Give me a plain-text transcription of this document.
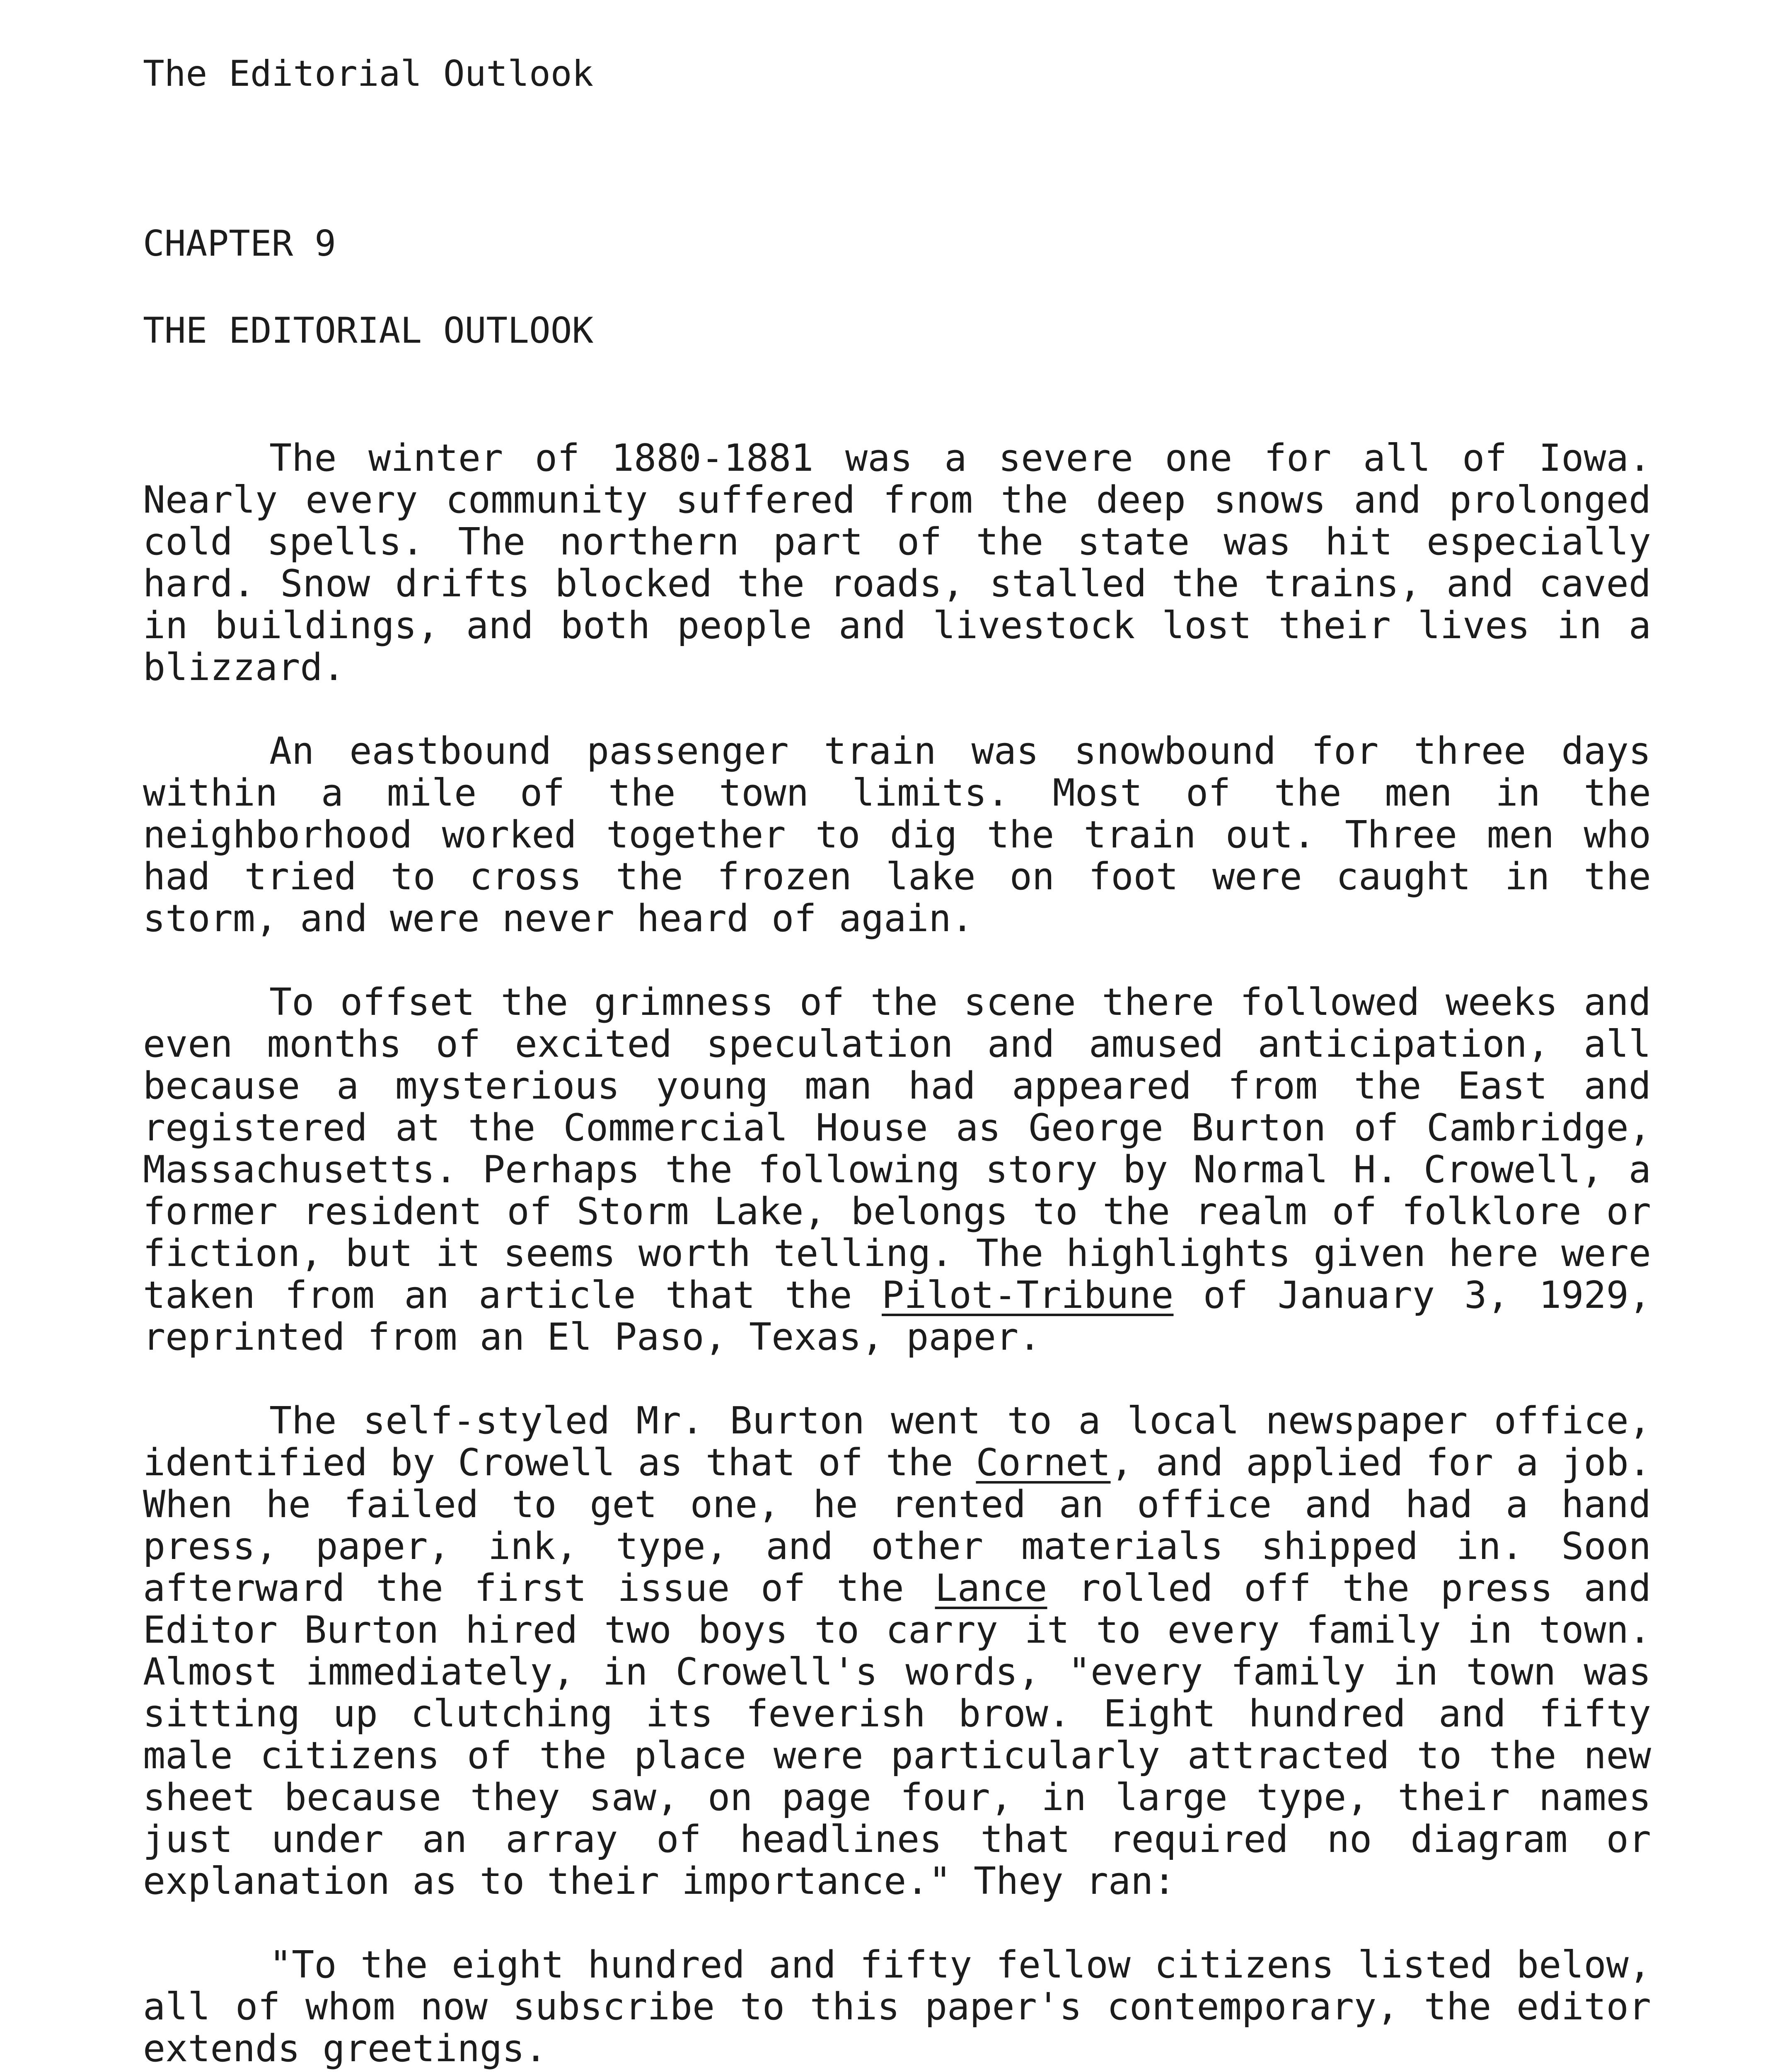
The Editorial Outlook
CHAPTER 9
THE EDITORIAL OUTLOOK

The winter of 1880-1881 was a severe one for all of Iowa. Nearly every community suffered from the deep snows and prolonged cold spells. The northern part of the state was hit especially hard. Snow drifts blocked the roads, stalled the trains, and caved in buildings, and both people and livestock lost their lives in a blizzard.

An eastbound passenger train was snowbound for three days within a mile of the town limits. Most of the men in the neighborhood worked together to dig the train out. Three men who had tried to cross the frozen lake on foot were caught in the storm, and were never heard of again.

To offset the grimness of the scene there followed weeks and even months of excited speculation and amused anticipation, all because a mysterious young man had appeared from the East and registered at the Commercial House as George Burton of Cambridge, Massachusetts. Perhaps the following story by Normal H. Crowell, a former resident of Storm Lake, belongs to the realm of folklore or fiction, but it seems worth telling. The highlights given here were taken from an article that the Pilot-Tribune of January 3, 1929, reprinted from an El Paso, Texas, paper.

The self-styled Mr. Burton went to a local newspaper office, identified by Crowell as that of the Cornet, and applied for a job. When he failed to get one, he rented an office and had a hand press, paper, ink, type, and other materials shipped in. Soon afterward the first issue of the Lance rolled off the press and Editor Burton hired two boys to carry it to every family in town. Almost immediately, in Crowell's words, "every family in town was sitting up clutching its feverish brow. Eight hundred and fifty male citizens of the place were particularly attracted to the new sheet because they saw, on page four, in large type, their names just under an array of headlines that required no diagram or explanation as to their importance." They ran:

"To the eight hundred and fifty fellow citizens listed below, all of whom now subscribe to this paper's contemporary, the editor extends greetings.
